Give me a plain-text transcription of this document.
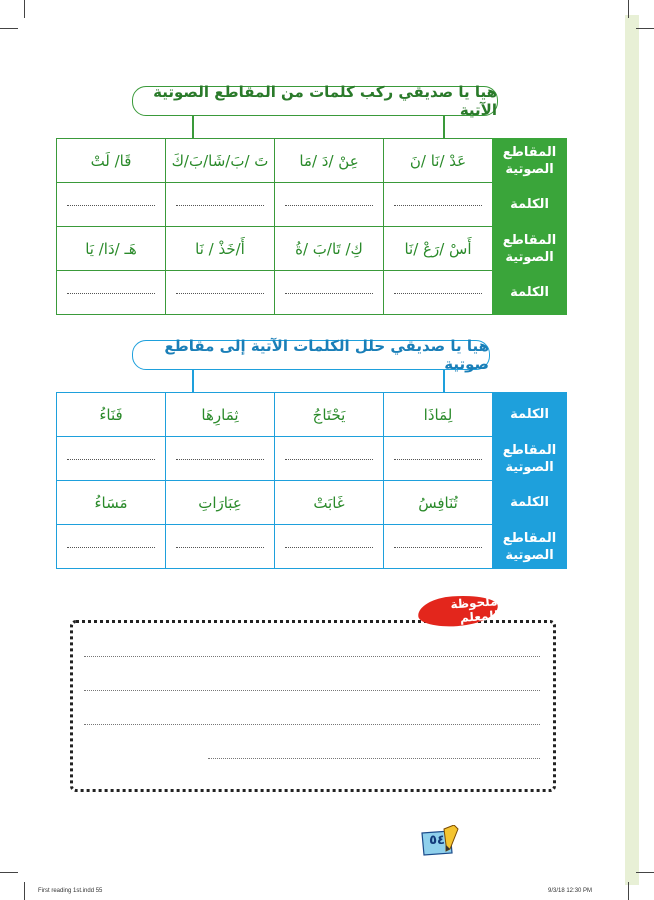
هيا يا صديقي ركب كلمات من المقاطع الصوتية الآتية
المقاطع الصوتية	عَدْ /نَا /نَ	عِنْ /دَ /مَا	تَ /بَ/شَا/بَ/كَ	قَا/ لَتْ
الكلمة				
المقاطع الصوتية	أَسْ /رَعْ /نَا	كِ/ تَا/بَ /ةُ	أَ/خَذْ / نَا	هَـ /دَا/ يَا
الكلمة				
هيا يا صديقي حلل الكلمات الآتية إلى مقاطع صوتية
الكلمة	لِمَاذَا	يَحْتَاجُ	ثِمَارِهَا	فَنَاءُ
المقاطع الصوتية				
الكلمة	تُنَافِسُ	غَابَتْ	عِبَارَاتِ	مَسَاءُ
المقاطع الصوتية				
ملحوظة للمعلم
٥٤
First reading 1st.indd 55	9/3/18 12:30 PM
